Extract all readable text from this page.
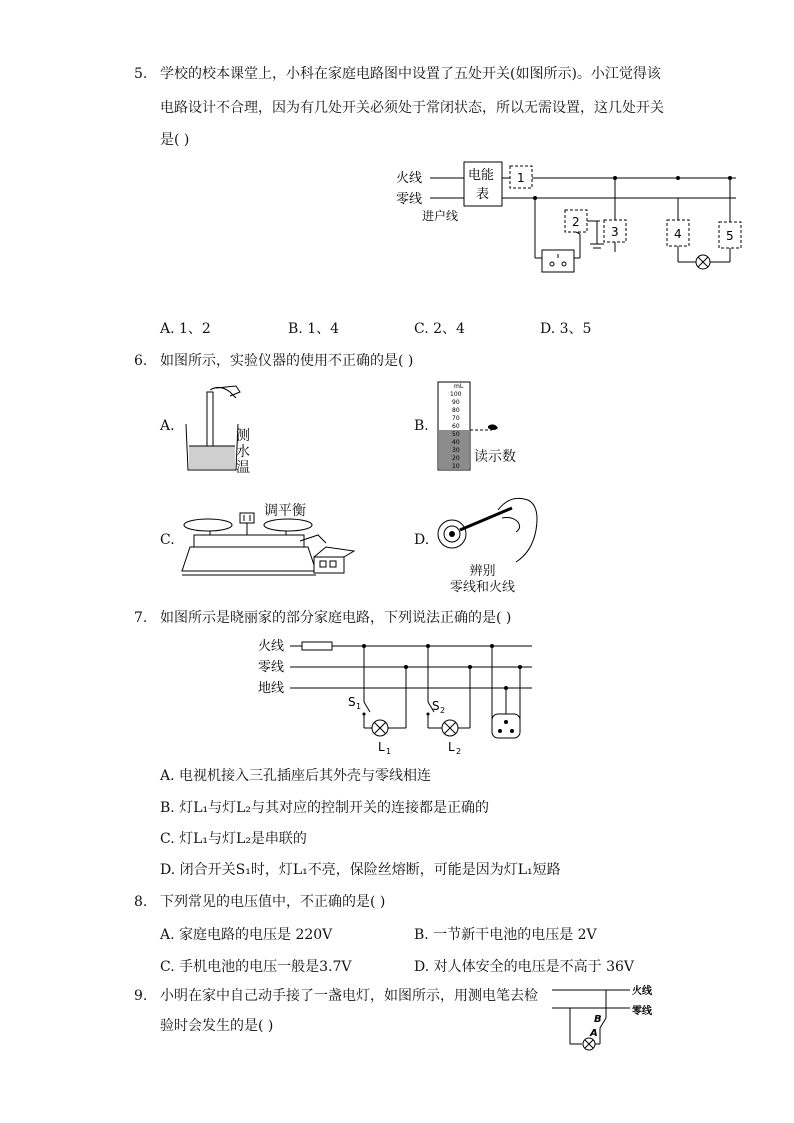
5. 学校的校本课堂上，小科在家庭电路图中设置了五处开关(如图所示)。小江觉得该
电路设计不合理，因为有几处开关必须处于常闭状态，所以无需设置，这几处开关
是( )
火线
零线
进户线
电能
表
1
2
3	4	5
A. 1、2	B. 1、4	C. 2、4	D. 3、5
6. 如图所示，实验仪器的使用不正确的是( )
A.
测
水
温
B.
mL
100
90
80
70
60
50
40
30
20
10
读示数
C.
调平衡
D.
辨别
零线和火线
7. 如图所示是晓丽家的部分家庭电路，下列说法正确的是( )
火线
零线
地线
S 1
L 1
S 2
L 2
A. 电视机接入三孔插座后其外壳与零线相连
B. 灯L₁与灯L₂与其对应的控制开关的连接都是正确的
C. 灯L₁与灯L₂是串联的
D. 闭合开关S₁时，灯L₁不亮，保险丝熔断，可能是因为灯L₁短路
8. 下列常见的电压值中，不正确的是( )
A. 家庭电路的电压是 220V	B. 一节新干电池的电压是 2V
C. 手机电池的电压一般是3.7V	D. 对人体安全的电压是不高于 36V
9. 小明在家中自己动手接了一盏电灯，如图所示，用测电笔去检
验时会发生的是( )
火线
零线
B
A
